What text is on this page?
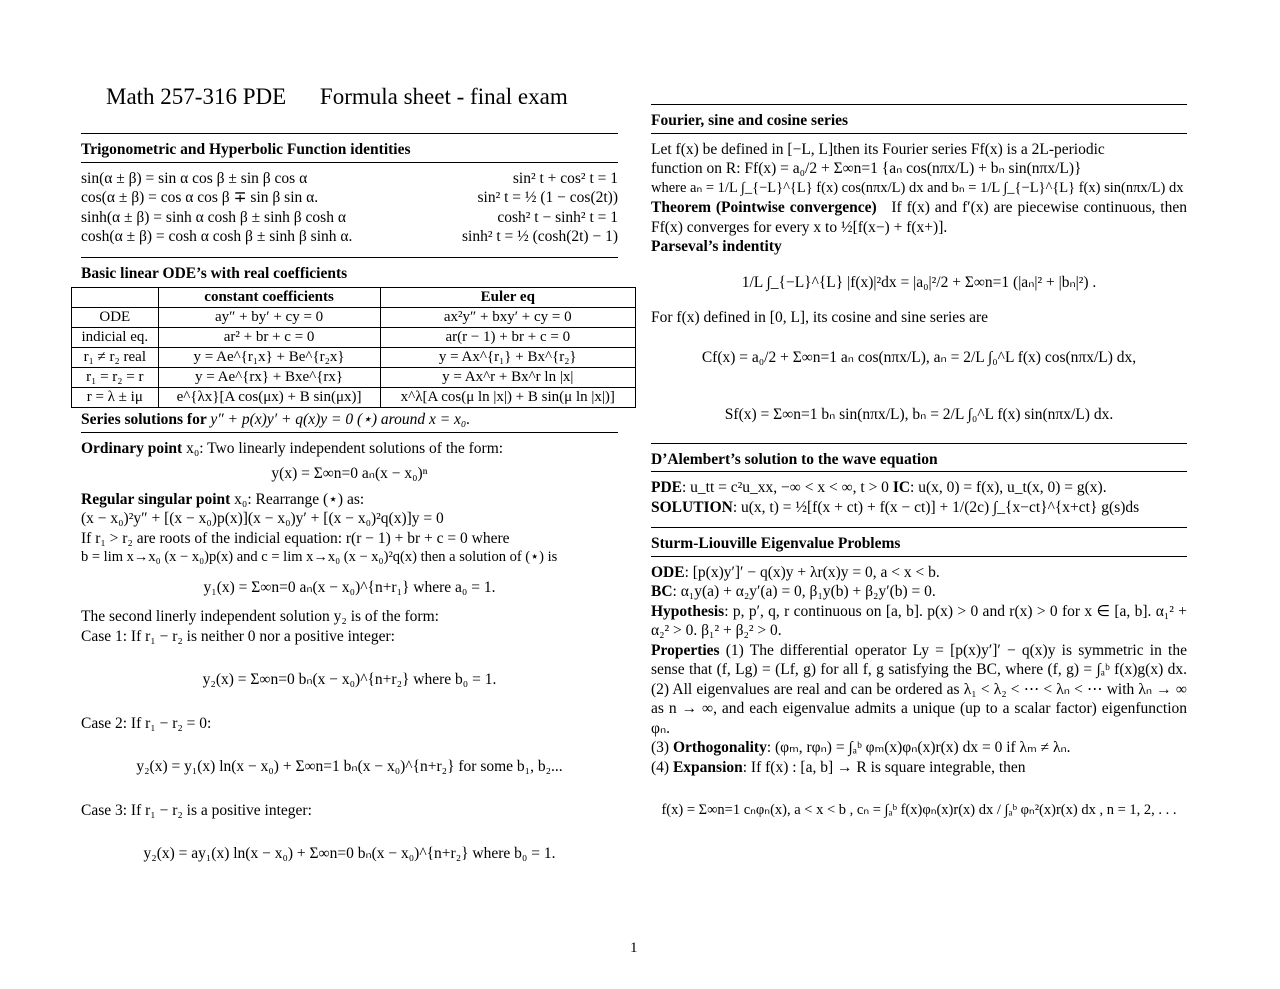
Math 257-316 PDE Formula sheet - final exam
Trigonometric and Hyperbolic Function identities
sin(α ± β) = sin α cos β ± sin β cos α	sin² t + cos² t = 1
cos(α ± β) = cos α cos β ∓ sin β sin α.	sin² t = ½ (1 − cos(2t))
sinh(α ± β) = sinh α cosh β ± sinh β cosh α	cosh² t − sinh² t = 1
cosh(α ± β) = cosh α cosh β ± sinh β sinh α.	sinh² t = ½ (cosh(2t) − 1)
Basic linear ODE’s with real coefficients
	constant coefficients	Euler eq
ODE	ay″ + by′ + cy = 0	ax²y″ + bxy′ + cy = 0
indicial eq.	ar² + br + c = 0	ar(r − 1) + br + c = 0
r₁ ≠ r₂ real	y = Ae^{r₁x} + Be^{r₂x}	y = Ax^{r₁} + Bx^{r₂}
r₁ = r₂ = r	y = Ae^{rx} + Bxe^{rx}	y = Ax^r + Bx^r ln |x|
r = λ ± iμ	e^{λx}[A cos(μx) + B sin(μx)]	x^λ[A cos(μ ln |x|) + B sin(μ ln |x|)]
Series solutions for y″ + p(x)y′ + q(x)y = 0 (⋆) around x = x₀.
Ordinary point x₀: Two linearly independent solutions of the form:
y(x) = Σ∞n=0 aₙ(x − x₀)ⁿ
Regular singular point x₀: Rearrange (⋆) as:
(x − x₀)²y″ + [(x − x₀)p(x)](x − x₀)y′ + [(x − x₀)²q(x)]y = 0
If r₁ > r₂ are roots of the indicial equation: r(r − 1) + br + c = 0 where
b = lim x→x₀ (x − x₀)p(x) and c = lim x→x₀ (x − x₀)²q(x) then a solution of (⋆) is
y₁(x) = Σ∞n=0 aₙ(x − x₀)^{n+r₁} where a₀ = 1.
The second linerly independent solution y₂ is of the form:
Case 1: If r₁ − r₂ is neither 0 nor a positive integer:
y₂(x) = Σ∞n=0 bₙ(x − x₀)^{n+r₂} where b₀ = 1.
Case 2: If r₁ − r₂ = 0:
y₂(x) = y₁(x) ln(x − x₀) + Σ∞n=1 bₙ(x − x₀)^{n+r₂} for some b₁, b₂...
Case 3: If r₁ − r₂ is a positive integer:
y₂(x) = ay₁(x) ln(x − x₀) + Σ∞n=0 bₙ(x − x₀)^{n+r₂} where b₀ = 1.
Fourier, sine and cosine series
Let f(x) be defined in [−L, L]then its Fourier series Ff(x) is a 2L-periodic
function on R: Ff(x) = a₀/2 + Σ∞n=1 {aₙ cos(nπx/L) + bₙ sin(nπx/L)}
where aₙ = 1/L ∫_{−L}^{L} f(x) cos(nπx/L) dx and bₙ = 1/L ∫_{−L}^{L} f(x) sin(nπx/L) dx
Theorem (Pointwise convergence) If f(x) and f′(x) are piecewise continuous, then Ff(x) converges for every x to ½[f(x−) + f(x+)].
Parseval’s indentity
1/L ∫_{−L}^{L} |f(x)|²dx = |a₀|²/2 + Σ∞n=1 (|aₙ|² + |bₙ|²) .
For f(x) defined in [0, L], its cosine and sine series are
Cf(x) = a₀/2 + Σ∞n=1 aₙ cos(nπx/L), aₙ = 2/L ∫₀^L f(x) cos(nπx/L) dx,
Sf(x) = Σ∞n=1 bₙ sin(nπx/L), bₙ = 2/L ∫₀^L f(x) sin(nπx/L) dx.
D’Alembert’s solution to the wave equation
PDE: u_tt = c²u_xx, −∞ < x < ∞, t > 0 IC: u(x, 0) = f(x), u_t(x, 0) = g(x).
SOLUTION: u(x, t) = ½[f(x + ct) + f(x − ct)] + 1/(2c) ∫_{x−ct}^{x+ct} g(s)ds
Sturm-Liouville Eigenvalue Problems
ODE: [p(x)y′]′ − q(x)y + λr(x)y = 0, a < x < b.
BC: α₁y(a) + α₂y′(a) = 0, β₁y(b) + β₂y′(b) = 0.
Hypothesis: p, p′, q, r continuous on [a, b]. p(x) > 0 and r(x) > 0 for x ∈ [a, b]. α₁² + α₂² > 0. β₁² + β₂² > 0.
Properties (1) The differential operator Ly = [p(x)y′]′ − q(x)y is symmetric in the sense that (f, Lg) = (Lf, g) for all f, g satisfying the BC, where (f, g) = ∫ₐᵇ f(x)g(x) dx. (2) All eigenvalues are real and can be ordered as λ₁ < λ₂ < ⋯ < λₙ < ⋯ with λₙ → ∞ as n → ∞, and each eigenvalue admits a unique (up to a scalar factor) eigenfunction φₙ.
(3) Orthogonality: (φₘ, rφₙ) = ∫ₐᵇ φₘ(x)φₙ(x)r(x) dx = 0 if λₘ ≠ λₙ.
(4) Expansion: If f(x) : [a, b] → R is square integrable, then
f(x) = Σ∞n=1 cₙφₙ(x), a < x < b , cₙ = ∫ₐᵇ f(x)φₙ(x)r(x) dx / ∫ₐᵇ φₙ²(x)r(x) dx , n = 1, 2, . . .
1
